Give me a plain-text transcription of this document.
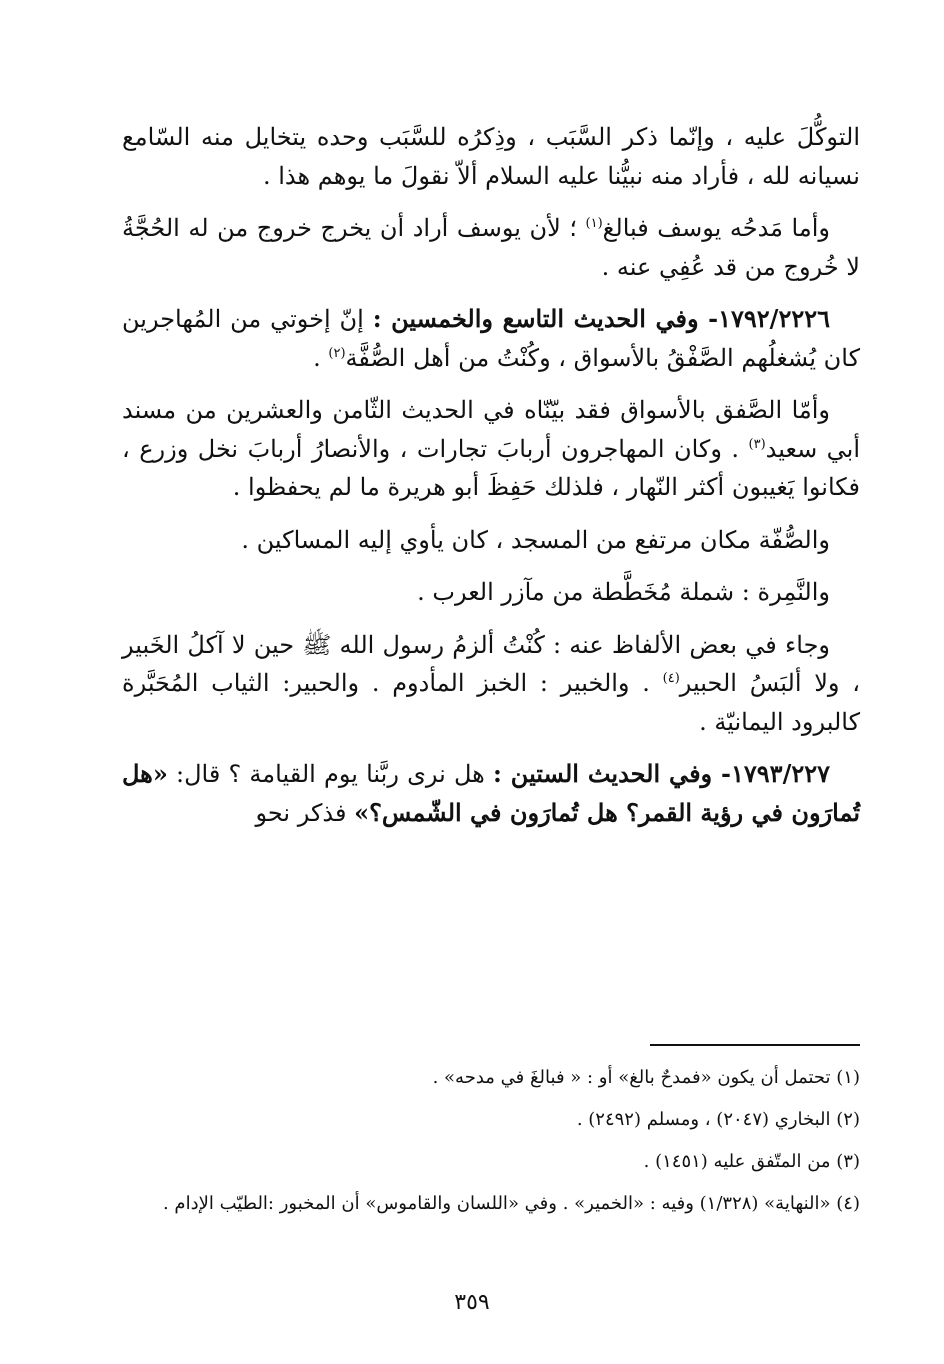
التوكُّلَ عليه ، وإنّما ذكر السَّبَب ، وذِكرُه للسَّبَب وحده يتخايل منه السّامع نسيانه لله ، فأراد منه نبيُّنا عليه السلام ألاّ نقولَ ما يوهم هذا .

وأما مَدحُه يوسف فبالغ$^{(١)}$ ؛ لأن يوسف أراد أن يخرج خروج من له الحُجَّةُ لا خُروج من قد عُفِي عنه .

١٧٩٢/٢٢٢٦- وفي الحديث التاسع والخمسين : إنّ إخوتي من المُهاجرين كان يُشغلُهم الصَّفْقُ بالأسواق ، وكُنْتُ من أهل الصُّفَّة$^{(٢)}$ .

وأمّا الصَّفق بالأسواق فقد بيّنّاه في الحديث الثّامن والعشرين من مسند أبي سعيد$^{(٣)}$ . وكان المهاجرون أربابَ تجارات ، والأنصارُ أربابَ نخل وزرع ، فكانوا يَغيبون أكثر النّهار ، فلذلك حَفِظَ أبو هريرة ما لم يحفظوا .

والصُّفّة مكان مرتفع من المسجد ، كان يأوي إليه المساكين .

والنَّمِرة : شملة مُخَطَّطة من مآزر العرب .

وجاء في بعض الألفاظ عنه : كُنْتُ ألزمُ رسول الله ﷺ حين لا آكلُ الخَبير ، ولا ألبَسُ الحبير$^{(٤)}$ . والخبير : الخبز المأدوم . والحبير: الثياب المُحَبَّرة كالبرود اليمانيّة .

١٧٩٣/٢٢٧- وفي الحديث الستين : هل نرى ربَّنا يوم القيامة ؟ قال: «هل تُمارَون في رؤية القمر؟ هل تُمارَون في الشّمس؟» فذكر نحو

(١) تحتمل أن يكون «فمدحٌ بالغ» أو : « فبالغَ في مدحه» .

(٢) البخاري (٢٠٤٧) ، ومسلم (٢٤٩٢) .

(٣) من المتّفق عليه (١٤٥١) .

(٤) «النهاية» (١/٣٢٨) وفيه : «الخمير» . وفي «اللسان والقاموس» أن المخبور :الطيّب الإدام .

٣٥٩
